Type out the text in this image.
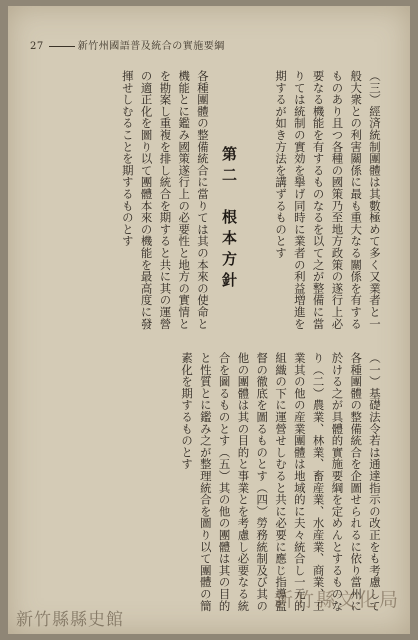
27	新竹州國語普及統合の實施要綱
（三）經済統制團體は其數極めて多く又業者と一般大衆との利害關係に最も重大なる關係を有するものあり且つ各種の國策乃至地方政策の遂行上必要なる機能を有するものなるを以て之が整備に當りては統制の實効を擧げ同時に業者の利益増進を期するが如き方法を講ずるものとす
第二　根本方針
各種團體の整備統合に當りては其の本來の使命と機能とに鑑み國策遂行上の必要性と地方の實情とを勘案し重複を排し統合を期すると共に其の運營の適正化を圖り以て團體本來の機能を最高度に發揮せしむることを期するものとす
（一）基礎法令若は通達指示の改正をも考慮して各種團體の整備統合を企圖せられるに依り當州に於ける之が具體的實施要綱を定めんとするものなり（二）農業、林業、畜産業、水産業、商業、工業其の他の産業團體は地域的に夫々統合し一元的組織の下に運營せしむると共に必要に應じ指導監督の徹底を圖るものとす（四）勞務統制及び其の他の團體は其の目的と事業とを考慮し必要なる統合を圖るものとす（五）其の他の團體は其の目的と性質とに鑑み之が整理統合を圖り以て團體の簡素化を期するものとす
新竹縣文化局
新竹縣縣史館
